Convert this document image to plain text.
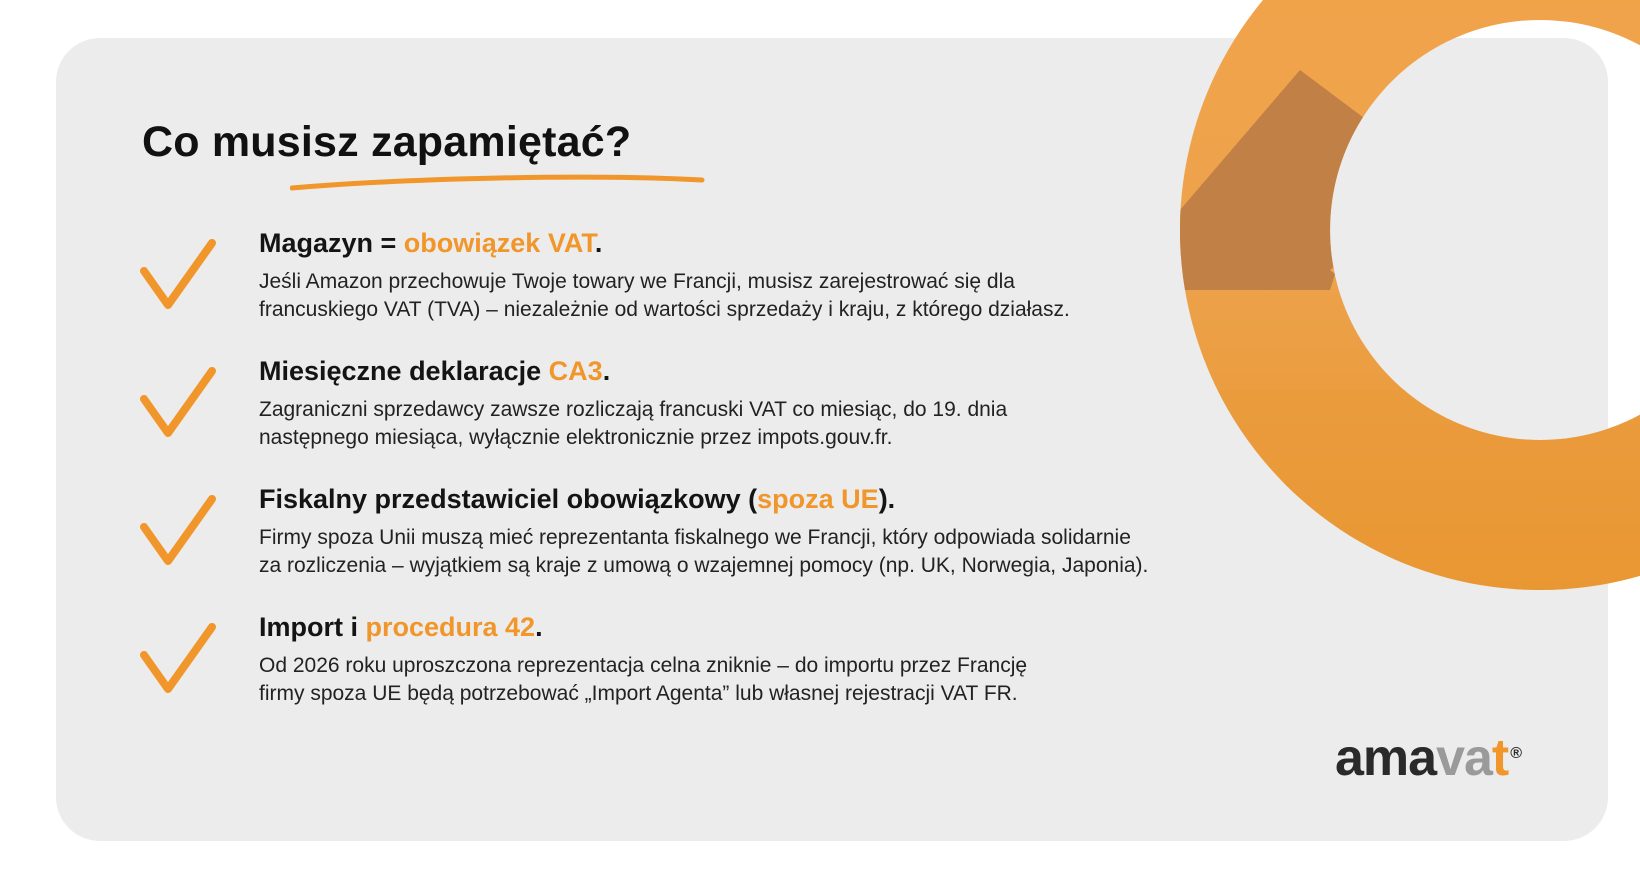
Co musisz zapamiętać?

Magazyn = obowiązek VAT.

Jeśli Amazon przechowuje Twoje towary we Francji, musisz zarejestrować się dla
francuskiego VAT (TVA) – niezależnie od wartości sprzedaży i kraju, z którego działasz.

Miesięczne deklaracje CA3.

Zagraniczni sprzedawcy zawsze rozliczają francuski VAT co miesiąc, do 19. dnia
następnego miesiąca, wyłącznie elektronicznie przez impots.gouv.fr.

Fiskalny przedstawiciel obowiązkowy (spoza UE).

Firmy spoza Unii muszą mieć reprezentanta fiskalnego we Francji, który odpowiada solidarnie
za rozliczenia – wyjątkiem są kraje z umową o wzajemnej pomocy (np. UK, Norwegia, Japonia).

Import i procedura 42.

Od 2026 roku uproszczona reprezentacja celna zniknie – do importu przez Francję
firmy spoza UE będą potrzebować „Import Agenta” lub własnej rejestracji VAT FR.

amavat ®
